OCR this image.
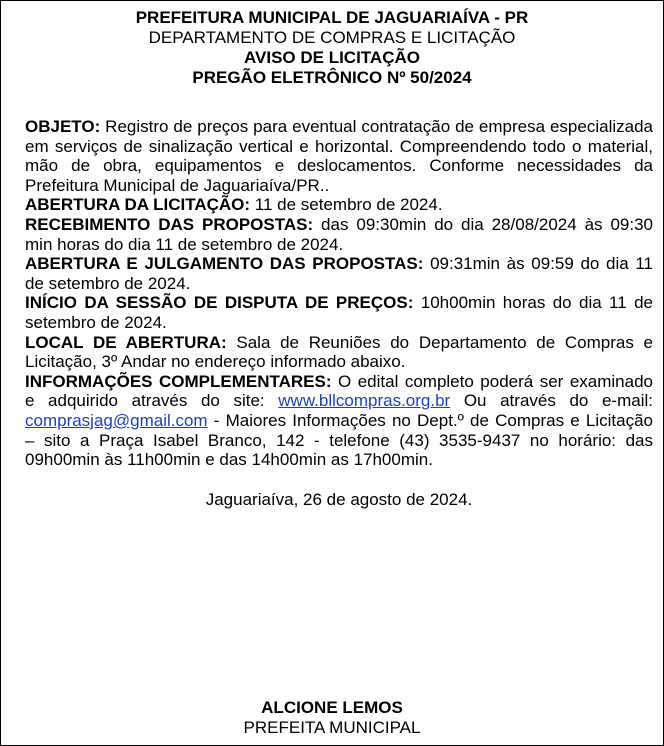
PREFEITURA MUNICIPAL DE JAGUARIAÍVA - PR
DEPARTAMENTO DE COMPRAS E LICITAÇÃO
AVISO DE LICITAÇÃO
PREGÃO ELETRÔNICO Nº 50/2024

OBJETO: Registro de preços para eventual contratação de empresa especializada em serviços de sinalização vertical e horizontal. Compreendendo todo o material, mão de obra, equipamentos e deslocamentos. Conforme necessidades da Prefeitura Municipal de Jaguariaíva/PR..

ABERTURA DA LICITAÇÃO: 11 de setembro de 2024.

RECEBIMENTO DAS PROPOSTAS: das 09:30min do dia 28/08/2024 às 09:30 min horas do dia 11 de setembro de 2024.

ABERTURA E JULGAMENTO DAS PROPOSTAS: 09:31min às 09:59 do dia 11 de setembro de 2024.

INÍCIO DA SESSÃO DE DISPUTA DE PREÇOS: 10h00min horas do dia 11 de setembro de 2024.

LOCAL DE ABERTURA: Sala de Reuniões do Departamento de Compras e Licitação, 3º Andar no endereço informado abaixo.

INFORMAÇÕES COMPLEMENTARES: O edital completo poderá ser examinado e adquirido através do site: www.bllcompras.org.br Ou através do e-mail: comprasjag@gmail.com - Maiores Informações no Dept.º de Compras e Licitação – sito a Praça Isabel Branco, 142 - telefone (43) 3535-9437 no horário: das 09h00min às 11h00min e das 14h00min as 17h00min.

Jaguariaíva, 26 de agosto de 2024.
ALCIONE LEMOS
PREFEITA MUNICIPAL
